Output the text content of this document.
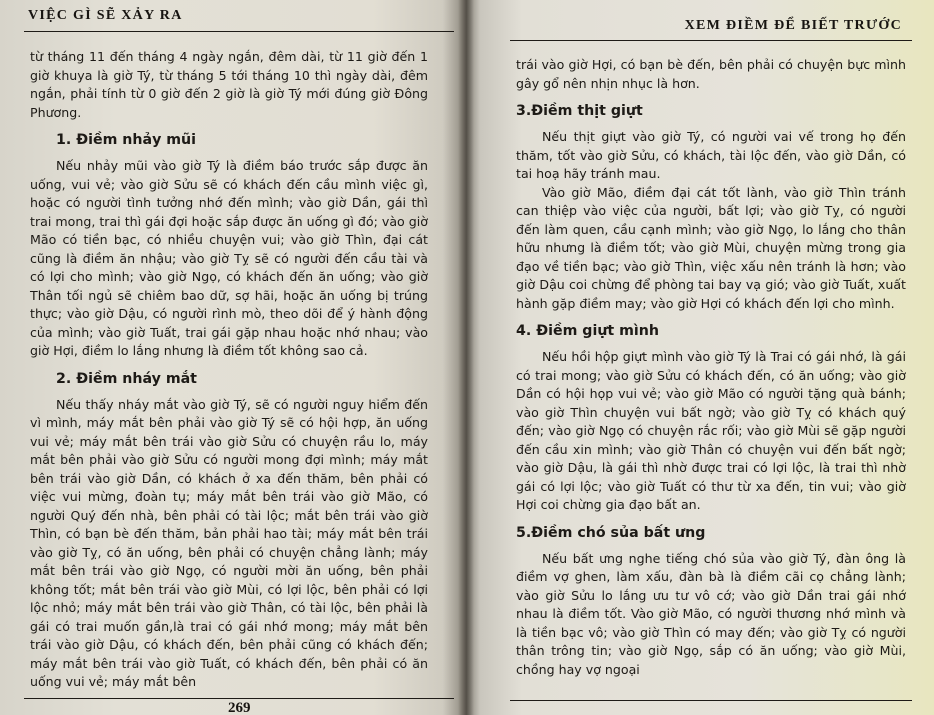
VIỆC GÌ SẼ XẢY RA

từ tháng 11 đến tháng 4 ngày ngắn, đêm dài, từ 11 giờ đến 1 giờ khuya là giờ Tý, từ tháng 5 tới tháng 10 thì ngày dài, đêm ngắn, phải tính từ 0 giờ đến 2 giờ là giờ Tý mới đúng giờ Đông Phương.

1. Điềm nhảy mũi

Nếu nhảy mũi vào giờ Tý là điềm báo trước sắp được ăn uống, vui vẻ; vào giờ Sửu sẽ có khách đến cầu mình việc gì, hoặc có người tình tưởng nhớ đến mình; vào giờ Dần, gái thì trai mong, trai thì gái đợi hoặc sắp được ăn uống gì đó; vào giờ Mão có tiền bạc, có nhiều chuyện vui; vào giờ Thìn, đại cát cũng là điềm ăn nhậu; vào giờ Tỵ sẽ có người đến cầu tài và có lợi cho mình; vào giờ Ngọ, có khách đến ăn uống; vào giờ Thân tối ngủ sẽ chiêm bao dữ, sợ hãi, hoặc ăn uống bị trúng thực; vào giờ Dậu, có người rình mò, theo dõi để ý hành động của mình; vào giờ Tuất, trai gái gặp nhau hoặc nhớ nhau; vào giờ Hợi, điềm lo lắng nhưng là điềm tốt không sao cả.

2. Điềm nháy mắt

Nếu thấy nháy mắt vào giờ Tý, sẽ có người nguy hiểm đến vì mình, máy mắt bên phải vào giờ Tý sẽ có hội hợp, ăn uống vui vẻ; máy mắt bên trái vào giờ Sửu có chuyện rầu lo, máy mắt bên phải vào giờ Sửu có người mong đợi mình; máy mắt bên trái vào giờ Dần, có khách ở xa đến thăm, bên phải có việc vui mừng, đoàn tụ; máy mắt bên trái vào giờ Mão, có người Quý đến nhà, bên phải có tài lộc; mắt bên trái vào giờ Thìn, có bạn bè đến thăm, bản phải hao tài; máy mắt bên trái vào giờ Tỵ, có ăn uống, bên phải có chuyện chẳng lành; máy mắt bên trái vào giờ Ngọ, có người mời ăn uống, bên phải không tốt; mắt bên trái vào giờ Mùi, có lợi lộc, bên phải có lợi lộc nhỏ; máy mắt bên trái vào giờ Thân, có tài lộc, bên phải là gái có trai muốn gần,là trai có gái nhớ mong; máy mắt bên trái vào giờ Dậu, có khách đến, bên phải cũng có khách đến; máy mắt bên trái vào giờ Tuất, có khách đến, bên phải có ăn uống vui vẻ; máy mắt bên

269
XEM ĐIỀM ĐỂ BIẾT TRƯỚC

trái vào giờ Hợi, có bạn bè đến, bên phải có chuyện bực mình gây gổ nên nhịn nhục là hơn.

3.Điềm thịt giựt

Nếu thịt giựt vào giờ Tý, có người vai vế trong họ đến thăm, tốt vào giờ Sửu, có khách, tài lộc đến, vào giờ Dần, có tai hoạ hãy tránh mau.

Vào giờ Mão, điềm đại cát tốt lành, vào giờ Thìn tránh can thiệp vào việc của người, bất lợi; vào giờ Tỵ, có người đến làm quen, cầu cạnh mình; vào giờ Ngọ, lo lắng cho thân hữu nhưng là điềm tốt; vào giờ Mùi, chuyện mừng trong gia đạo về tiền bạc; vào giờ Thìn, việc xấu nên tránh là hơn; vào giờ Dậu coi chừng để phòng tai bay vạ gió; vào giờ Tuất, xuất hành gặp điềm may; vào giờ Hợi có khách đến lợi cho mình.

4. Điềm giựt mình

Nếu hồi hộp giựt mình vào giờ Tý là Trai có gái nhớ, là gái có trai mong; vào giờ Sửu có khách đến, có ăn uống; vào giờ Dần có hội họp vui vẻ; vào giờ Mão có người tặng quà bánh; vào giờ Thìn chuyện vui bất ngờ; vào giờ Tỵ có khách quý đến; vào giờ Ngọ có chuyện rắc rối; vào giờ Mùi sẽ gặp người đến cầu xin mình; vào giờ Thân có chuyện vui đến bất ngờ; vào giờ Dậu, là gái thì nhờ được trai có lợi lộc, là trai thì nhờ gái có lợi lộc; vào giờ Tuất có thư từ xa đến, tin vui; vào giờ Hợi coi chừng gia đạo bất an.

5.Điềm chó sủa bất ưng

Nếu bất ưng nghe tiếng chó sủa vào giờ Tý, đàn ông là điềm vợ ghen, làm xấu, đàn bà là điềm cãi cọ chẳng lành; vào giờ Sửu lo lắng ưu tư vô cớ; vào giờ Dần trai gái nhớ nhau là điềm tốt. Vào giờ Mão, có người thương nhớ mình và là tiền bạc vô; vào giờ Thìn có may đến; vào giờ Tỵ có người thân trông tin; vào giờ Ngọ, sắp có ăn uống; vào giờ Mùi, chồng hay vợ ngoại
